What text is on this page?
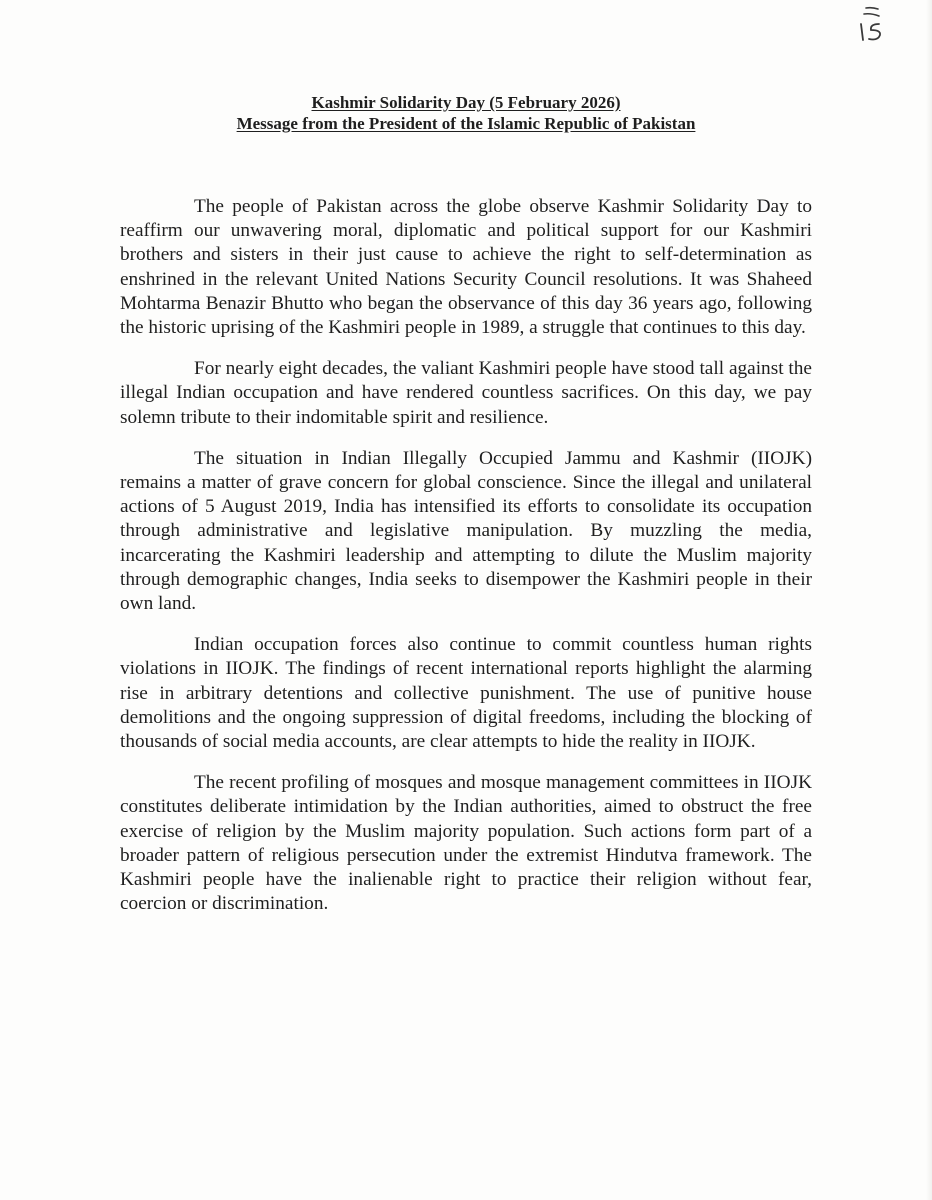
Kashmir Solidarity Day (5 February 2026)
Message from the President of the Islamic Republic of Pakistan

The people of Pakistan across the globe observe Kashmir Solidarity Day to reaffirm our unwavering moral, diplomatic and political support for our Kashmiri brothers and sisters in their just cause to achieve the right to self-determination as enshrined in the relevant United Nations Security Council resolutions. It was Shaheed Mohtarma Benazir Bhutto who began the observance of this day 36 years ago, following the historic uprising of the Kashmiri people in 1989, a struggle that continues to this day.

For nearly eight decades, the valiant Kashmiri people have stood tall against the illegal Indian occupation and have rendered countless sacrifices. On this day, we pay solemn tribute to their indomitable spirit and resilience.

The situation in Indian Illegally Occupied Jammu and Kashmir (IIOJK) remains a matter of grave concern for global conscience. Since the illegal and unilateral actions of 5 August 2019, India has intensified its efforts to consolidate its occupation through administrative and legislative manipulation. By muzzling the media, incarcerating the Kashmiri leadership and attempting to dilute the Muslim majority through demographic changes, India seeks to disempower the Kashmiri people in their own land.

Indian occupation forces also continue to commit countless human rights violations in IIOJK. The findings of recent international reports highlight the alarming rise in arbitrary detentions and collective punishment. The use of punitive house demolitions and the ongoing suppression of digital freedoms, including the blocking of thousands of social media accounts, are clear attempts to hide the reality in IIOJK.

The recent profiling of mosques and mosque management committees in IIOJK constitutes deliberate intimidation by the Indian authorities, aimed to obstruct the free exercise of religion by the Muslim majority population. Such actions form part of a broader pattern of religious persecution under the extremist Hindutva framework. The Kashmiri people have the inalienable right to practice their religion without fear, coercion or discrimination.
